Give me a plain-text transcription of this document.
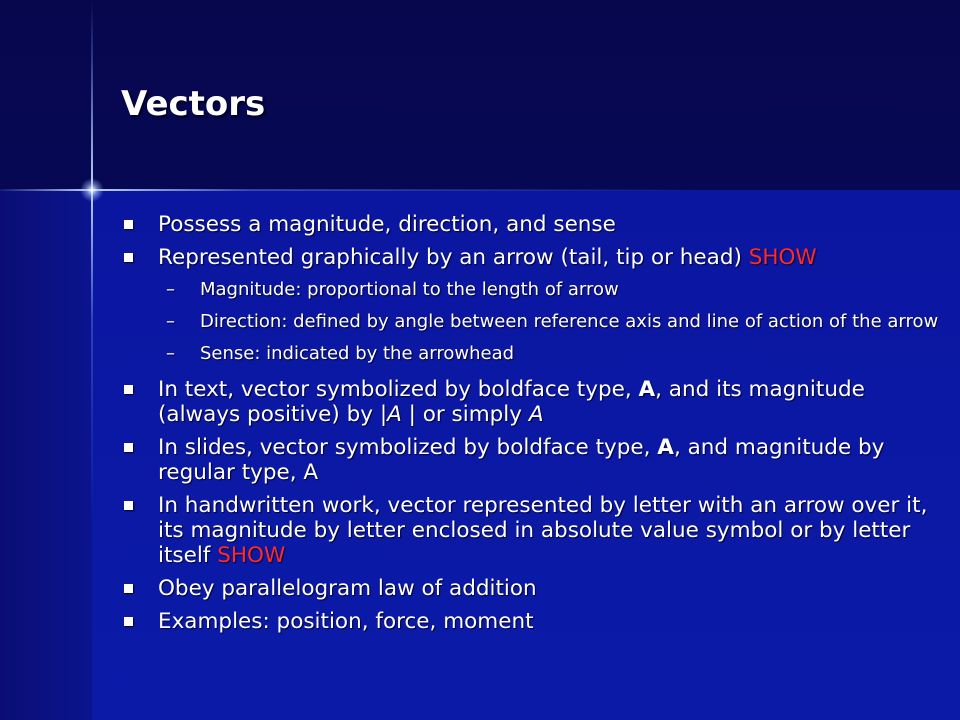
Vectors
Possess a magnitude, direction, and sense
Represented graphically by an arrow (tail, tip or head) SHOW
– Magnitude: proportional to the length of arrow
– Direction: defined by angle between reference axis and line of action of the arrow
– Sense: indicated by the arrowhead
In text, vector symbolized by boldface type, A, and its magnitude (always positive) by |A | or simply A
In slides, vector symbolized by boldface type, A, and magnitude by regular type, A
In handwritten work, vector represented by letter with an arrow over it, its magnitude by letter enclosed in absolute value symbol or by letter itself SHOW
Obey parallelogram law of addition
Examples: position, force, moment
